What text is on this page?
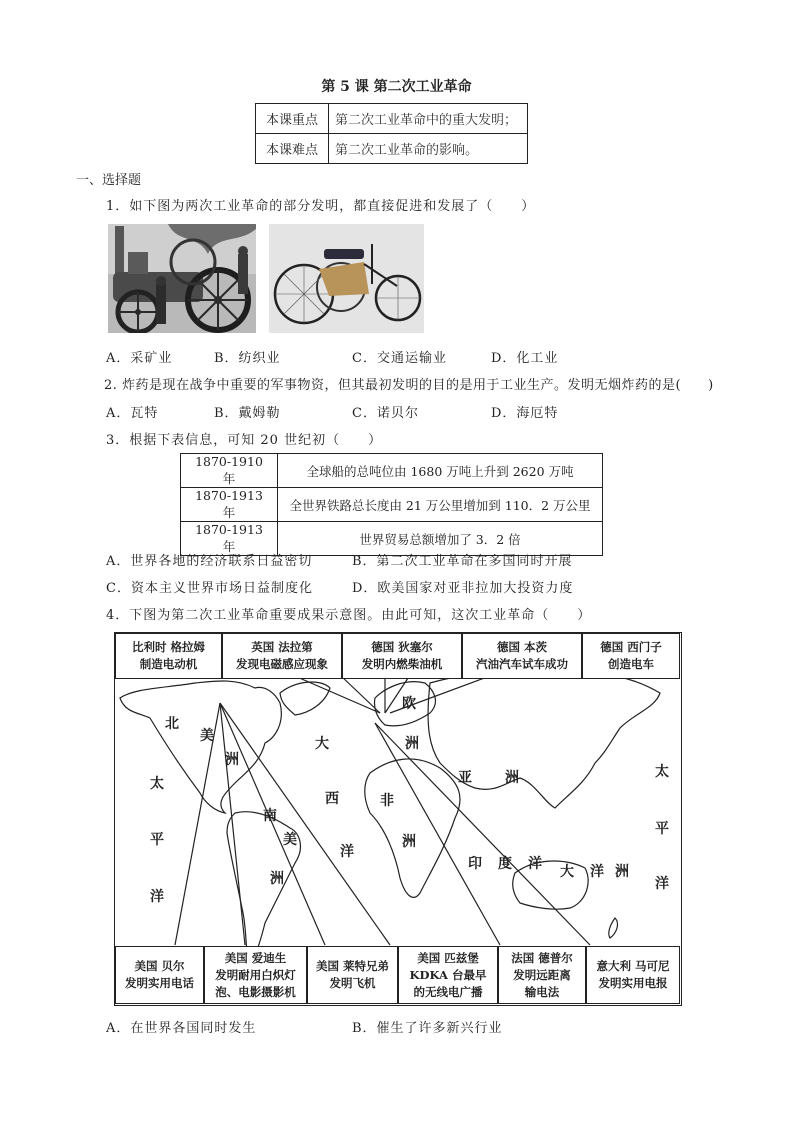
第 5 课 第二次工业革命
本课重点	第二次工业革命中的重大发明；
本课难点	第二次工业革命的影响。
一、选择题
1．如下图为两次工业革命的部分发明，都直接促进和发展了（　　）
A．采矿业	B．纺织业	C．交通运输业	D．化工业
2. 炸药是现在战争中重要的军事物资，但其最初发明的目的是用于工业生产。发明无烟炸药的是(　　)
A．瓦特	B．戴姆勒	C．诺贝尔	D．海厄特
3．根据下表信息，可知 20 世纪初（　　）
1870-1910 年	全球船的总吨位由 1680 万吨上升到 2620 万吨
1870-1913 年	全世界铁路总长度由 21 万公里增加到 110．2 万公里
1870-1913 年	世界贸易总额增加了 3．2 倍
A．世界各地的经济联系日益密切	B．第二次工业革命在多国同时开展
C．资本主义世界市场日益制度化	D．欧美国家对亚非拉加大投资力度
4．下图为第二次工业革命重要成果示意图。由此可知，这次工业革命（　　）
比利时 格拉姆
制造电动机
英国 法拉第
发现电磁感应现象
德国 狄塞尔
发明内燃柴油机
德国 本茨
汽油汽车试车成功
德国 西门子
创造电车
美国 贝尔
发明实用电话
美国 爱迪生
发明耐用白炽灯
泡、电影摄影机
美国 莱特兄弟
发明飞机
美国 匹兹堡
KDKA 台最早
的无线电广播
法国 德普尔
发明远距离
输电法
意大利 马可尼
发明实用电报
北
美
洲
太
平
洋
大
西
洋
南
美
洲
非
洲
欧
洲
亚 洲
印 度 洋 大 洋 洲
太
平
洋
A．在世界各国同时发生	B．催生了许多新兴行业
